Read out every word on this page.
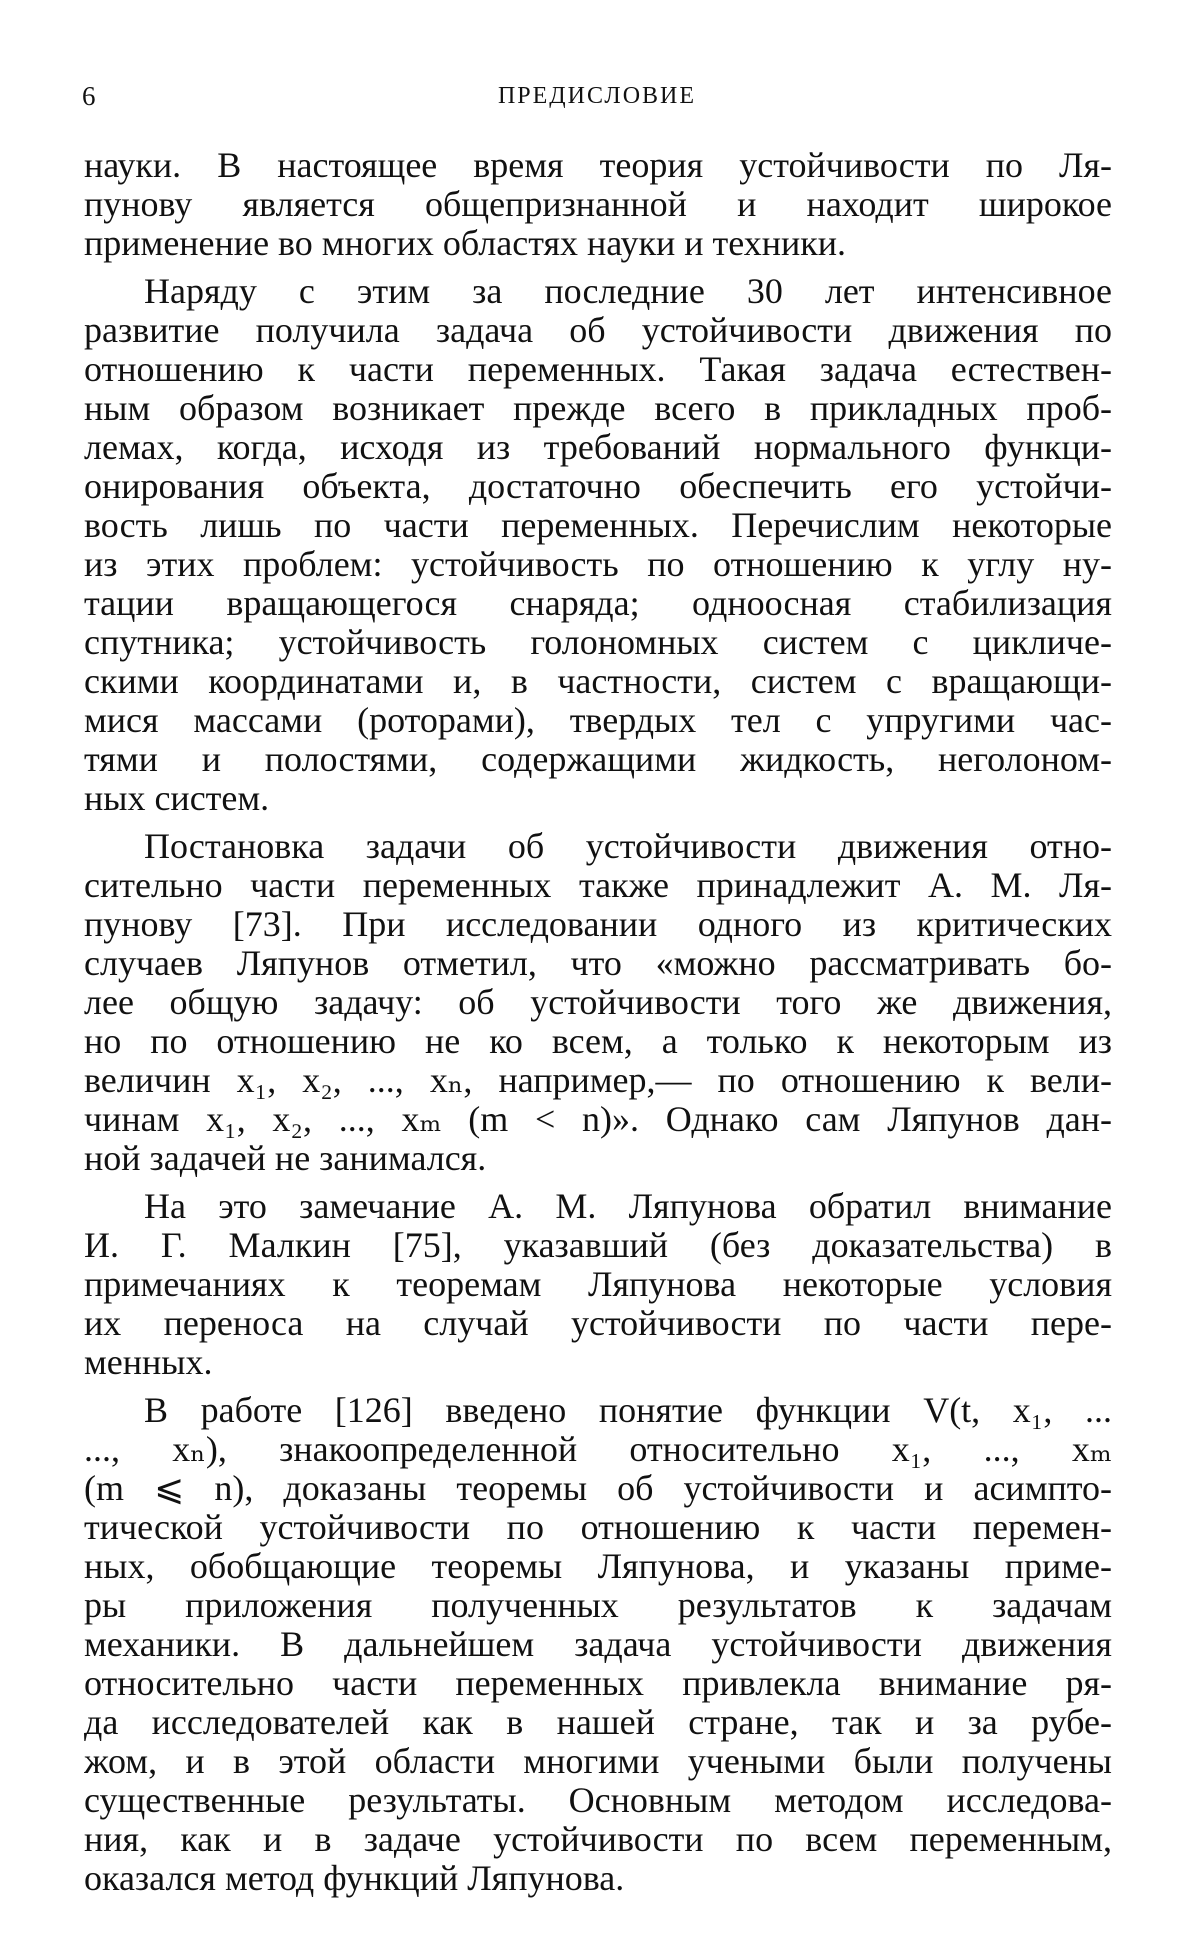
6	ПРЕДИСЛОВИЕ

науки. В настоящее время теория устойчивости по Ля-
пунову является общепризнанной и находит широкое
применение во многих областях науки и техники.

Наряду с этим за последние 30 лет интенсивное
развитие получила задача об устойчивости движения по
отношению к части переменных. Такая задача естествен-
ным образом возникает прежде всего в прикладных проб-
лемах, когда, исходя из требований нормального функци-
онирования объекта, достаточно обеспечить его устойчи-
вость лишь по части переменных. Перечислим некоторые
из этих проблем: устойчивость по отношению к углу ну-
тации вращающегося снаряда; одноосная стабилизация
спутника; устойчивость голономных систем с цикличе-
скими координатами и, в частности, систем с вращающи-
мися массами (роторами), твердых тел с упругими час-
тями и полостями, содержащими жидкость, неголоном-
ных систем.

Постановка задачи об устойчивости движения отно-
сительно части переменных также принадлежит А. М. Ля-
пунову [73]. При исследовании одного из критических
случаев Ляпунов отметил, что «можно рассматривать бо-
лее общую задачу: об устойчивости того же движения,
но по отношению не ко всем, а только к некоторым из
величин x₁, x₂, ..., xₙ, например,— по отношению к вели-
чинам x₁, x₂, ..., xₘ (m < n)». Однако сам Ляпунов дан-
ной задачей не занимался.

На это замечание А. М. Ляпунова обратил внимание
И. Г. Малкин [75], указавший (без доказательства) в
примечаниях к теоремам Ляпунова некоторые условия
их переноса на случай устойчивости по части пере-
менных.

В работе [126] введено понятие функции V(t, x₁, ...
..., xₙ), знакоопределенной относительно x₁, ..., xₘ
(m ⩽ n), доказаны теоремы об устойчивости и асимпто-
тической устойчивости по отношению к части перемен-
ных, обобщающие теоремы Ляпунова, и указаны приме-
ры приложения полученных результатов к задачам
механики. В дальнейшем задача устойчивости движения
относительно части переменных привлекла внимание ря-
да исследователей как в нашей стране, так и за рубе-
жом, и в этой области многими учеными были получены
существенные результаты. Основным методом исследова-
ния, как и в задаче устойчивости по всем переменным,
оказался метод функций Ляпунова.
